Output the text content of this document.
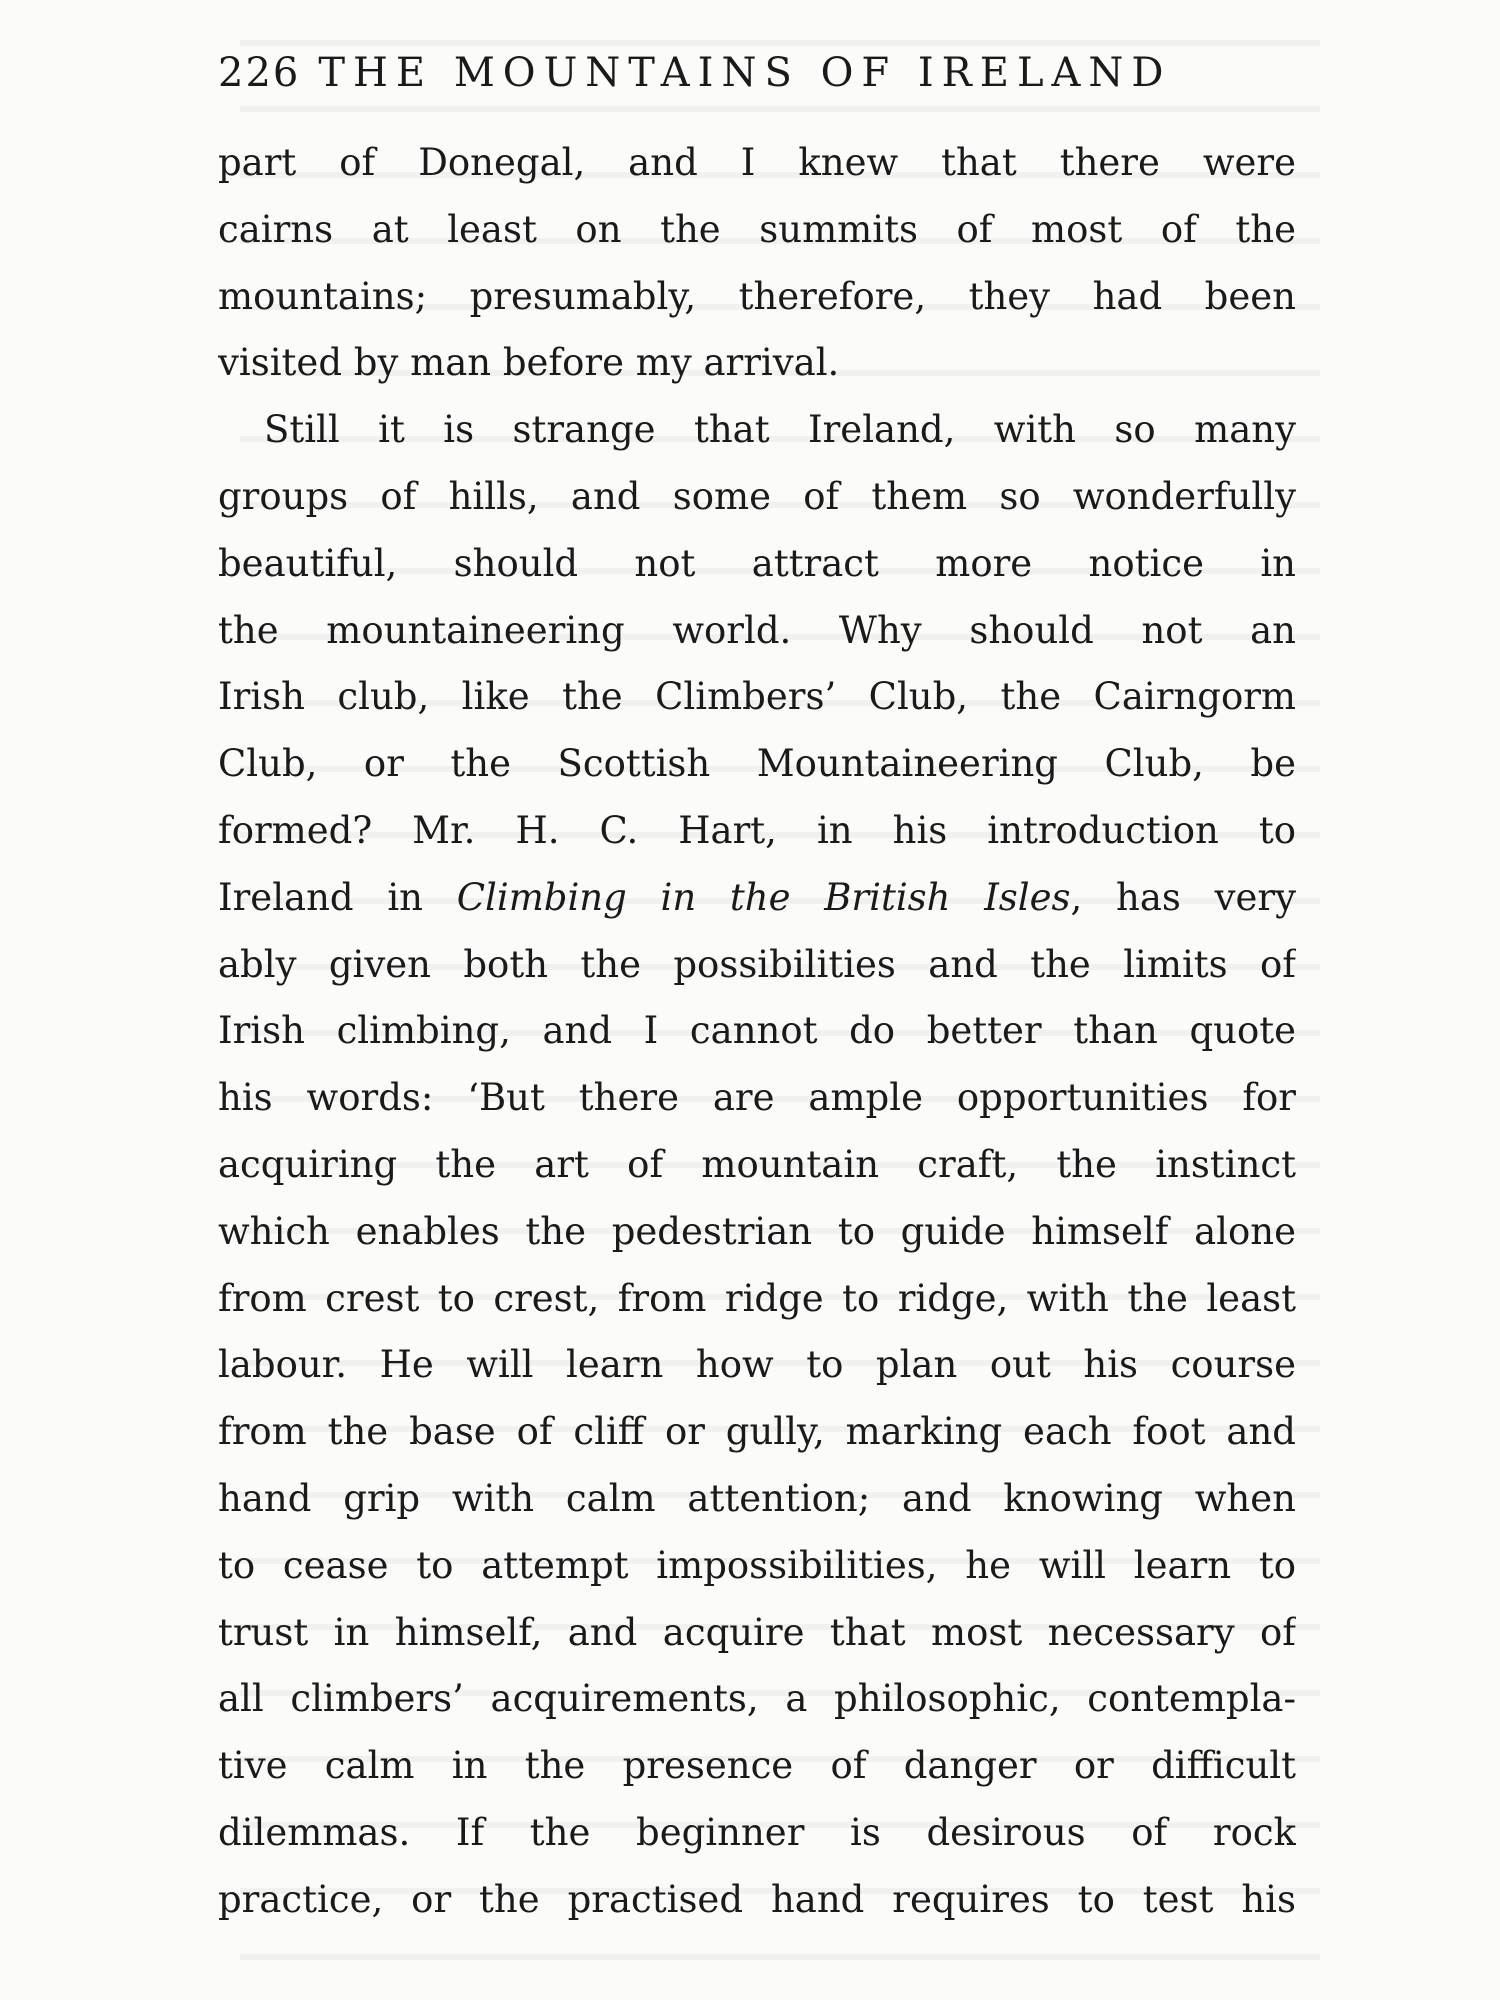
226 THE MOUNTAINS OF IRELAND
part of Donegal, and I knew that there were
cairns at least on the summits of most of the
mountains; presumably, therefore, they had been
visited by man before my arrival.
Still it is strange that Ireland, with so many
groups of hills, and some of them so wonderfully
beautiful, should not attract more notice in
the mountaineering world. Why should not an
Irish club, like the Climbers’ Club, the Cairngorm
Club, or the Scottish Mountaineering Club, be
formed? Mr. H. C. Hart, in his introduction to
Ireland in Climbing in the British Isles, has very
ably given both the possibilities and the limits of
Irish climbing, and I cannot do better than quote
his words: ‘But there are ample opportunities for
acquiring the art of mountain craft, the instinct
which enables the pedestrian to guide himself alone
from crest to crest, from ridge to ridge, with the least
labour. He will learn how to plan out his course
from the base of cliff or gully, marking each foot and
hand grip with calm attention; and knowing when
to cease to attempt impossibilities, he will learn to
trust in himself, and acquire that most necessary of
all climbers’ acquirements, a philosophic, contempla-
tive calm in the presence of danger or difficult
dilemmas. If the beginner is desirous of rock
practice, or the practised hand requires to test his
